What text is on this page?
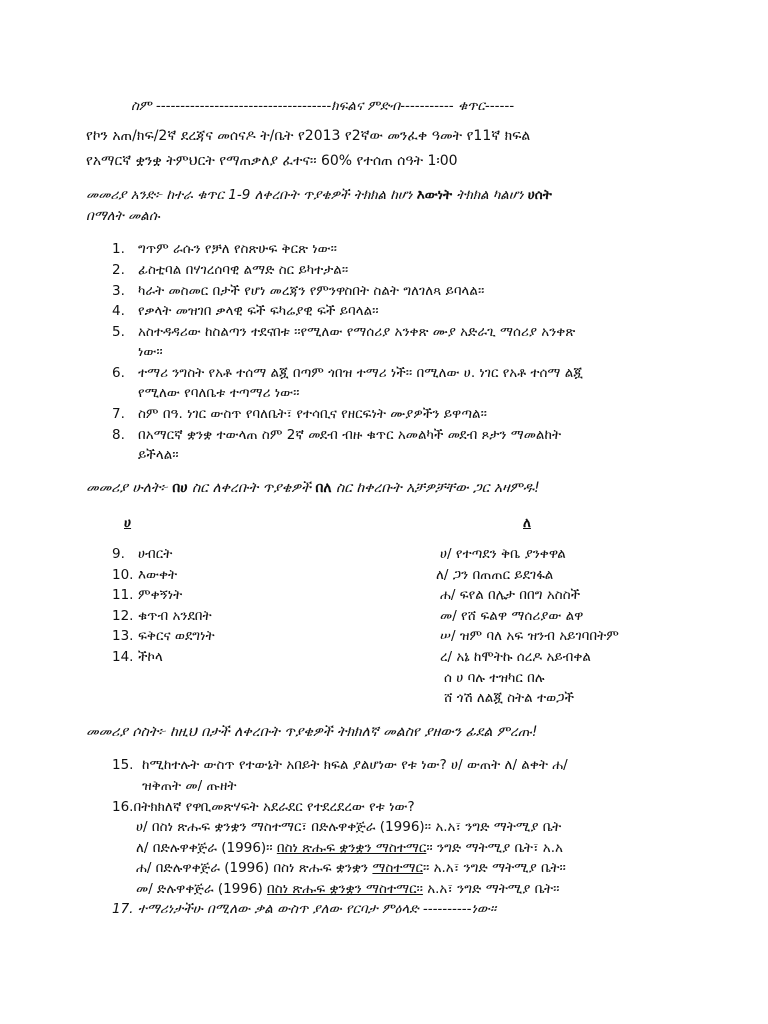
ስም ------------------------------------ክፍልና ምድብ----------- ቁጥር------
የኮን አጠ/ክፍ/2ኛ ደረጃና መሰናዶ ት/ቤት የ2013 የ2ኛው መንፈቀ ዓመት የ11ኛ ክፍል
የአማርኛ ቋንቋ ትምህርት የማጠቃለያ ፈተና፡፡ 60% የተሰጠ ሰዓት 1፡00
መመሪያ አንድ፦ ከተራ ቁጥር 1-9 ለቀረቡት ጥያቄዎች ትክክል ከሆነ እውነት ትክክል ካልሆነ ሀሰት
በማለት መልሱ
1. ግጥም ራሱን የቻለ የስጽሁፍ ቅርጽ ነው፡፡
2. ፊስቲባል በሃገረሰባዊ ልማድ ስር ይካተታል፡፡
3. ካራት መስመር በታች የሆነ መረጃን የምንዋስበት ስልት ግለገለጻ ይባላል፡፡
4. የቃላት መዝገበ ቃላዊ ፍች ፍካሬያዊ ፍች ይባላል፡፡
5. አስተዳዳሪው ከስልጣን ተደናበቱ ፡፡የሚለው የማሰሪያ አንቀጽ ሙያ አድራጊ ማሰሪያ አንቀጽ
ነው፡፡
6. ተማሪ ንግስት የአቶ ተሰማ ልጇ በጣም ጎበዝ ተማሪ ነች፡፡ በሚለው ሀ. ነገር የአቶ ተሰማ ልጇ
የሚለው የባለቤቱ ተጣማሪ ነው፡፡
7. ስም በዓ. ነገር ውስጥ የባለቤት፣ የተሳቢና የዘርፍነት ሙያዎችን ይዋጣል፡፡
8. በአማርኛ ቋንቋ ተውላጠ ስም 2ኛ መደብ ብዙ ቁጥር አመልካች መደብ ጾታን ማመልከት
ይችላል፡፡
መመሪያ ሁለት፦ በሀ ስር ለቀረቡት ጥያቄዎች በለ ስር ከቀረቡት አቻዎቻቸው ጋር አዛምዱ!
ሀ	ለ
9. ሀብርት
10. እውቀት
11. ምቀኝነት
12. ቁጥብ አንደበት
13. ፍቅርና ወደግነት
14. ችኮላ
ሀ/ የተጣደን ቅቤ ያንቀዋል
ለ/ ጋን በጠጠር ይደገፋል
ሐ/ ፍየል በሌታ በበግ አስስች
መ/ የሸ ፍልዋ ማሰሪያው ልዋ
ሠ/ ዝም ባለ አፍ ዝንብ አይገባበትም
ረ/ አኔ ከሞትኩ ሰረዶ አይብቀል
ሰ ሀ ባሉ ተዝካር በሉ
ሸ ጎሽ ለልጇ ስትል ተወጋች
መመሪያ ሶስት፦ ከዚህ በታች ለቀረቡት ጥያቄዎች ትክክለኛ መልስየ ያዘውን ፊደል ምረጡ!
15. ከሚከተሉት ውስጥ የተውኔት አበይት ክፍል ያልሆነው የቱ ነው? ሀ/ ውጠት ለ/ ልቀት ሐ/
ዝቅጠት መ/ ጡዘት
16.በትክክለኛ የዋቢመጽሃፍት አደራደር የተደረደረው የቱ ነው?
ሀ/ በስነ ጽሑፍ ቋንቋን ማስተማር፣ በድሉዋቀጅራ (1996)፡፡ አ.አ፣ ንግድ ማትሚያ ቤት
ለ/ በድሉዋቀጅራ (1996)፡፡ በስነ ጽሑፍ ቋንቋን ማስተማር፡፡ ንግድ ማትሚያ ቤት፣ አ.አ
ሐ/ በድሉዋቀጅራ (1996) በስነ ጽሑፍ ቋንቋን ማስተማር፡፡ አ.አ፣ ንግድ ማትሚያ ቤት፡፡
መ/ ድሉዋቀጅራ (1996) በስነ ጽሑፍ ቋንቋን ማስተማር፡፡ አ.አ፣ ንግድ ማትሚያ ቤት፡፡
17. ተማሪነታችሁ በሚለው ቃል ውስጥ ያለው የርባታ ምዕላድ ----------ነው፡፡
